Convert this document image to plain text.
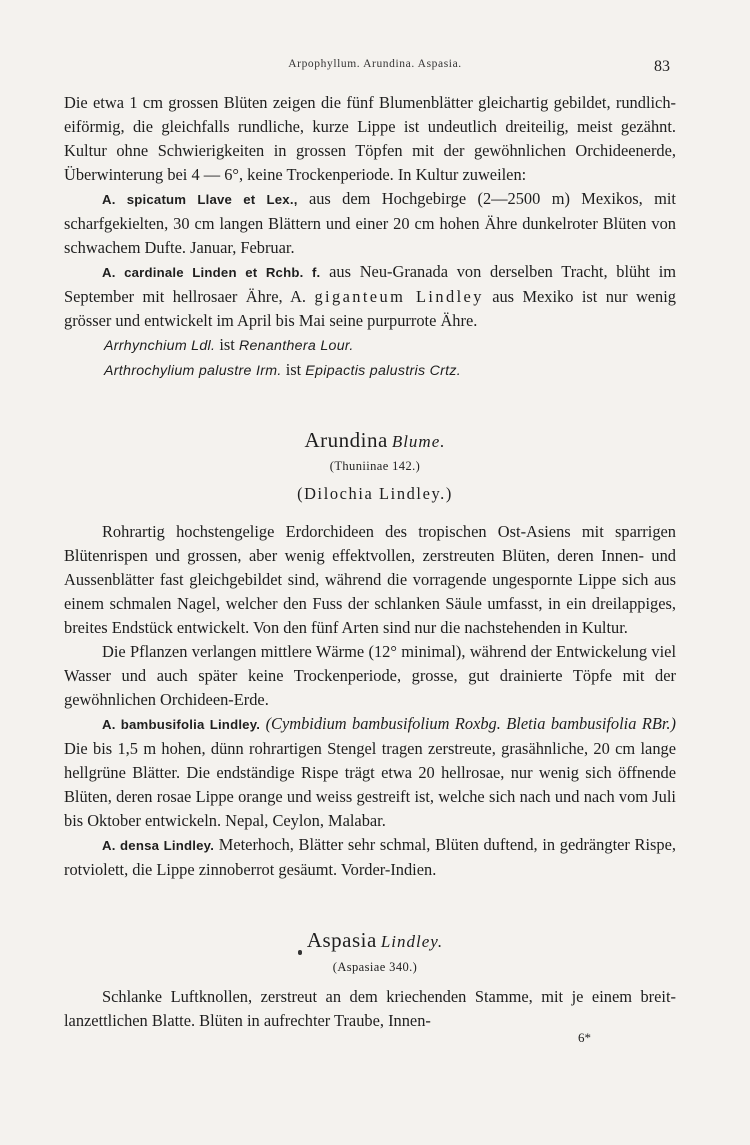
Arpophyllum. Arundina. Aspasia.	83

Die etwa 1 cm grossen Blüten zeigen die fünf Blumenblätter gleichartig gebildet, rundlich-eiförmig, die gleichfalls rundliche, kurze Lippe ist undeutlich dreiteilig, meist gezähnt. Kultur ohne Schwierigkeiten in grossen Töpfen mit der gewöhnlichen Orchideenerde, Überwinterung bei 4 — 6°, keine Trockenperiode. In Kultur zuweilen:

A. spicatum Llave et Lex., aus dem Hochgebirge (2—2500 m) Mexikos, mit scharfgekielten, 30 cm langen Blättern und einer 20 cm hohen Ähre dunkelroter Blüten von schwachem Dufte. Januar, Februar.

A. cardinale Linden et Rchb. f. aus Neu-Granada von derselben Tracht, blüht im September mit hellrosaer Ähre, A. giganteum Lindley aus Mexiko ist nur wenig grösser und entwickelt im April bis Mai seine purpurrote Ähre.

Arrhynchium Ldl. ist Renanthera Lour.

Arthrochylium palustre Irm. ist Epipactis palustris Crtz.

Arundina Blume.
(Thuniinae 142.)
(Dilochia Lindley.)

Rohrartig hochstengelige Erdorchideen des tropischen Ost-Asiens mit sparrigen Blütenrispen und grossen, aber wenig effektvollen, zerstreuten Blüten, deren Innen- und Aussenblätter fast gleichgebildet sind, während die vorragende ungespornte Lippe sich aus einem schmalen Nagel, welcher den Fuss der schlanken Säule umfasst, in ein dreilappiges, breites Endstück entwickelt. Von den fünf Arten sind nur die nachstehenden in Kultur.

Die Pflanzen verlangen mittlere Wärme (12° minimal), während der Entwickelung viel Wasser und auch später keine Trockenperiode, grosse, gut drainierte Töpfe mit der gewöhnlichen Orchideen-Erde.

A. bambusifolia Lindley. (Cymbidium bambusifolium Roxbg. Bletia bambusifolia RBr.) Die bis 1,5 m hohen, dünn rohrartigen Stengel tragen zerstreute, grasähnliche, 20 cm lange hellgrüne Blätter. Die endständige Rispe trägt etwa 20 hellrosae, nur wenig sich öffnende Blüten, deren rosae Lippe orange und weiss gestreift ist, welche sich nach und nach vom Juli bis Oktober entwickeln. Nepal, Ceylon, Malabar.

A. densa Lindley. Meterhoch, Blätter sehr schmal, Blüten duftend, in gedrängter Rispe, rotviolett, die Lippe zinnoberrot gesäumt. Vorder-Indien.

Aspasia Lindley.
(Aspasiae 340.)

Schlanke Luftknollen, zerstreut an dem kriechenden Stamme, mit je einem breit-lanzettlichen Blatte. Blüten in aufrechter Traube, Innen-

6*
